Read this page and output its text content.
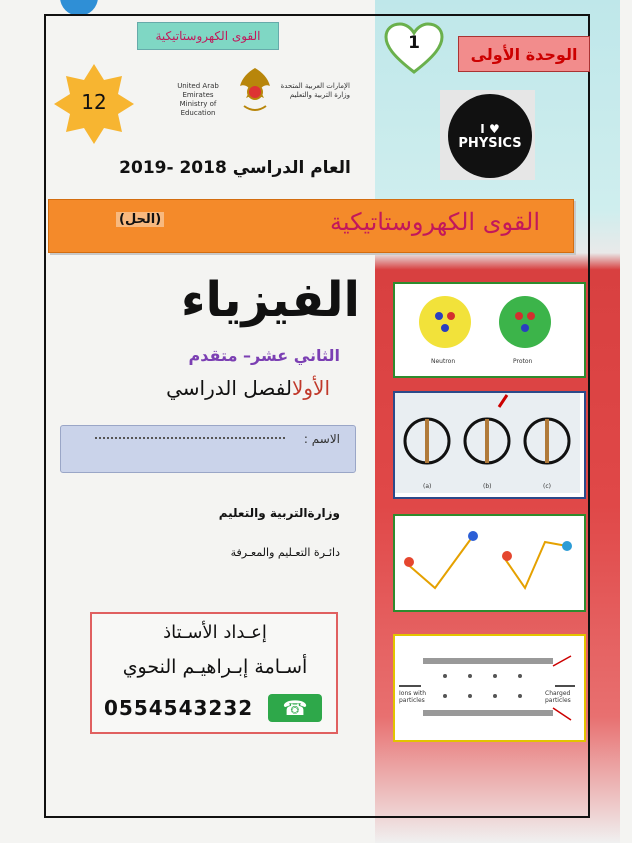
القوى الكهروستاتيكية
12
United Arab Emirates
Ministry of Education
الإمارات العربية المتحدة
وزارة التربية والتعليم
العام الدراسي 2018 -2019
1
الوحدة الأولى
I ♥
PHYSICS
القوى الكهروستاتيكية
(الحل)
الفيزياء
الثاني عشر– متقدم
الأولالفصل الدراسي
الاسم :
وزارةالتربية والتعليم
دائـرة التعـليم والمعـرفة
إعـداد الأسـتاذ
أسـامة إبـراهيـم النحوي
0554543232	☎
Neutron	Proton
(a)	(b)	(c)
Ions with particles
Charged particles
